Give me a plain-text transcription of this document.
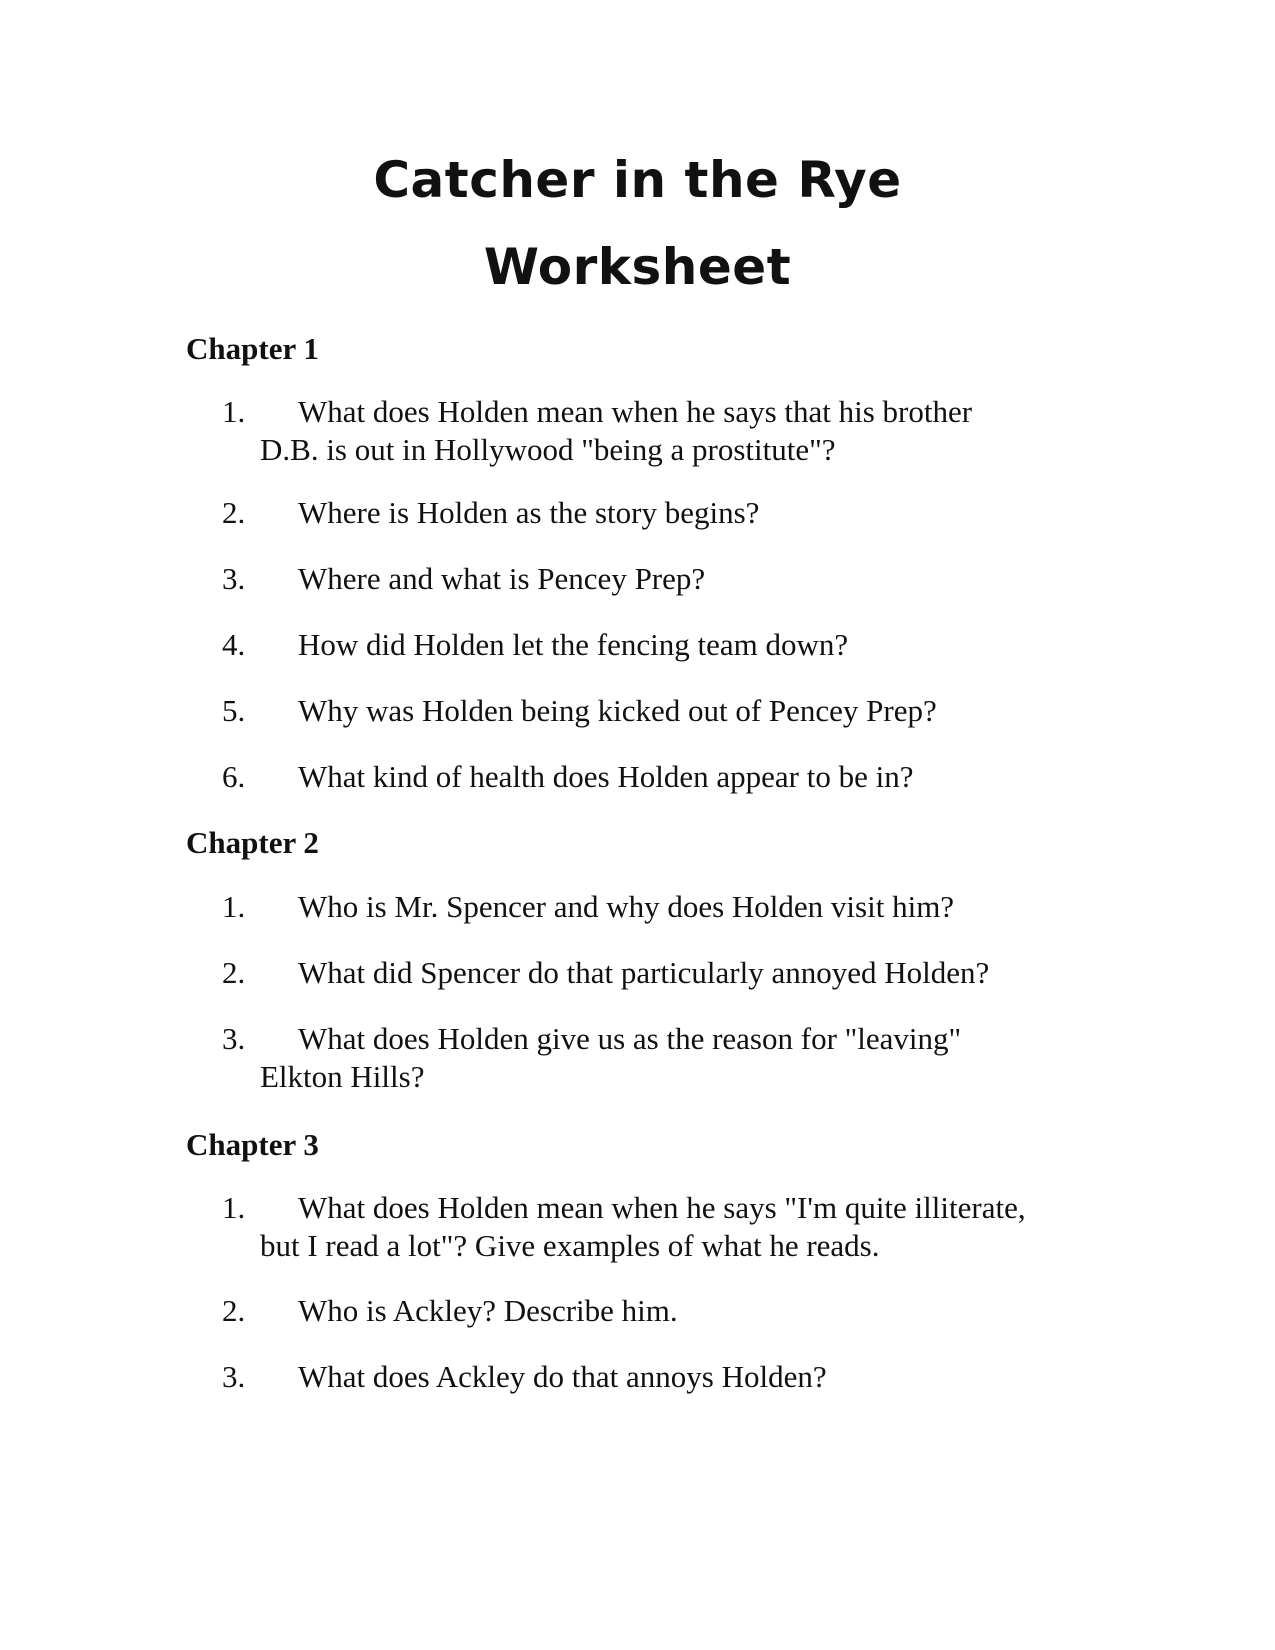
Catcher in the Rye
Worksheet
Chapter 1
1. What does Holden mean when he says that his brother
D.B. is out in Hollywood "being a prostitute"?
2. Where is Holden as the story begins?
3. Where and what is Pencey Prep?
4. How did Holden let the fencing team down?
5. Why was Holden being kicked out of Pencey Prep?
6. What kind of health does Holden appear to be in?
Chapter 2
1. Who is Mr. Spencer and why does Holden visit him?
2. What did Spencer do that particularly annoyed Holden?
3. What does Holden give us as the reason for "leaving"
Elkton Hills?
Chapter 3
1. What does Holden mean when he says "I'm quite illiterate,
but I read a lot"? Give examples of what he reads.
2. Who is Ackley? Describe him.
3. What does Ackley do that annoys Holden?
